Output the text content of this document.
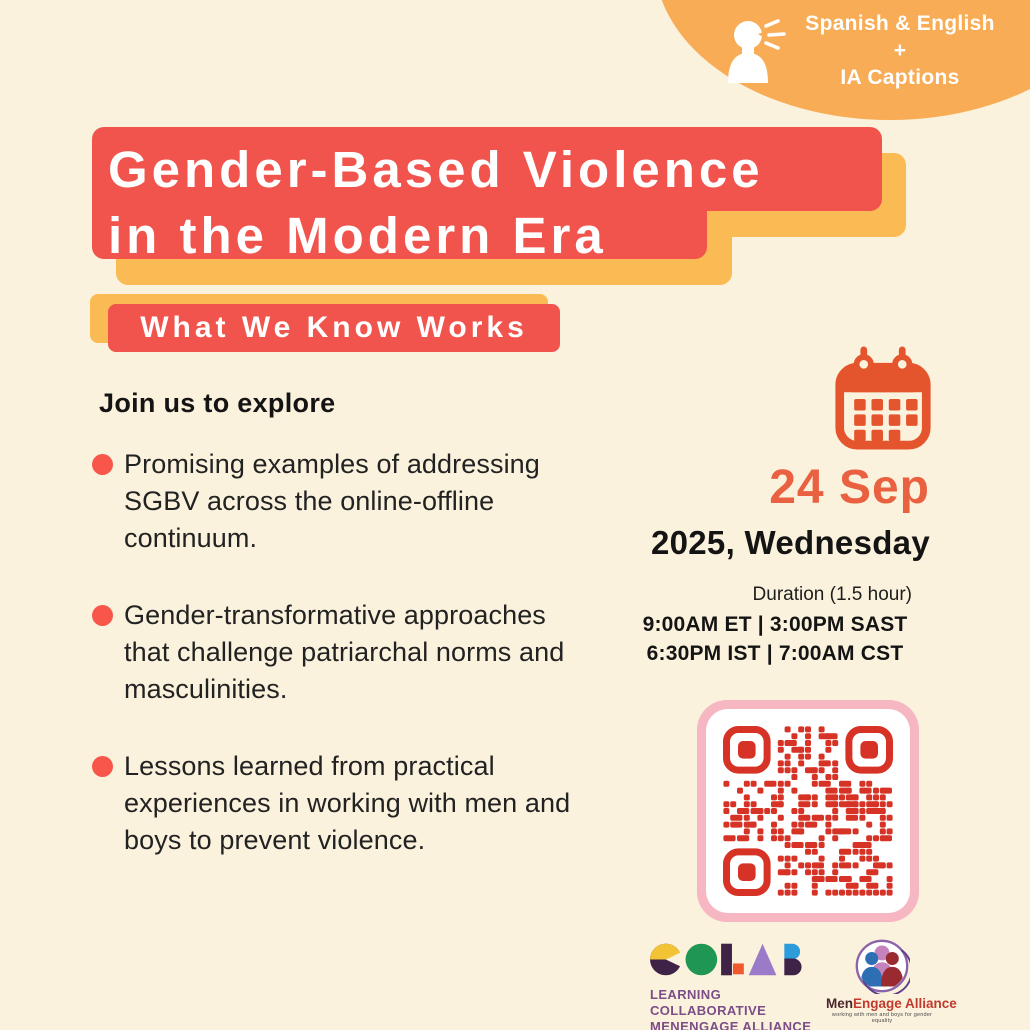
Spanish & English
+
IA Captions
Gender-Based Violence
in the Modern Era
What We Know Works
Join us to explore
Promising examples of addressing
SGBV across the online-offline
continuum.
Gender-transformative approaches
that challenge patriarchal norms and
masculinities.
Lessons learned from practical
experiences in working with men and
boys to prevent violence.
24 Sep
2025, Wednesday
Duration (1.5 hour)
9:00AM ET | 3:00PM SAST
6:30PM IST | 7:00AM CST
LEARNING COLLABORATIVE
MENENGAGE ALLIANCE
MenEngage Alliance
working with men and boys for gender equality
